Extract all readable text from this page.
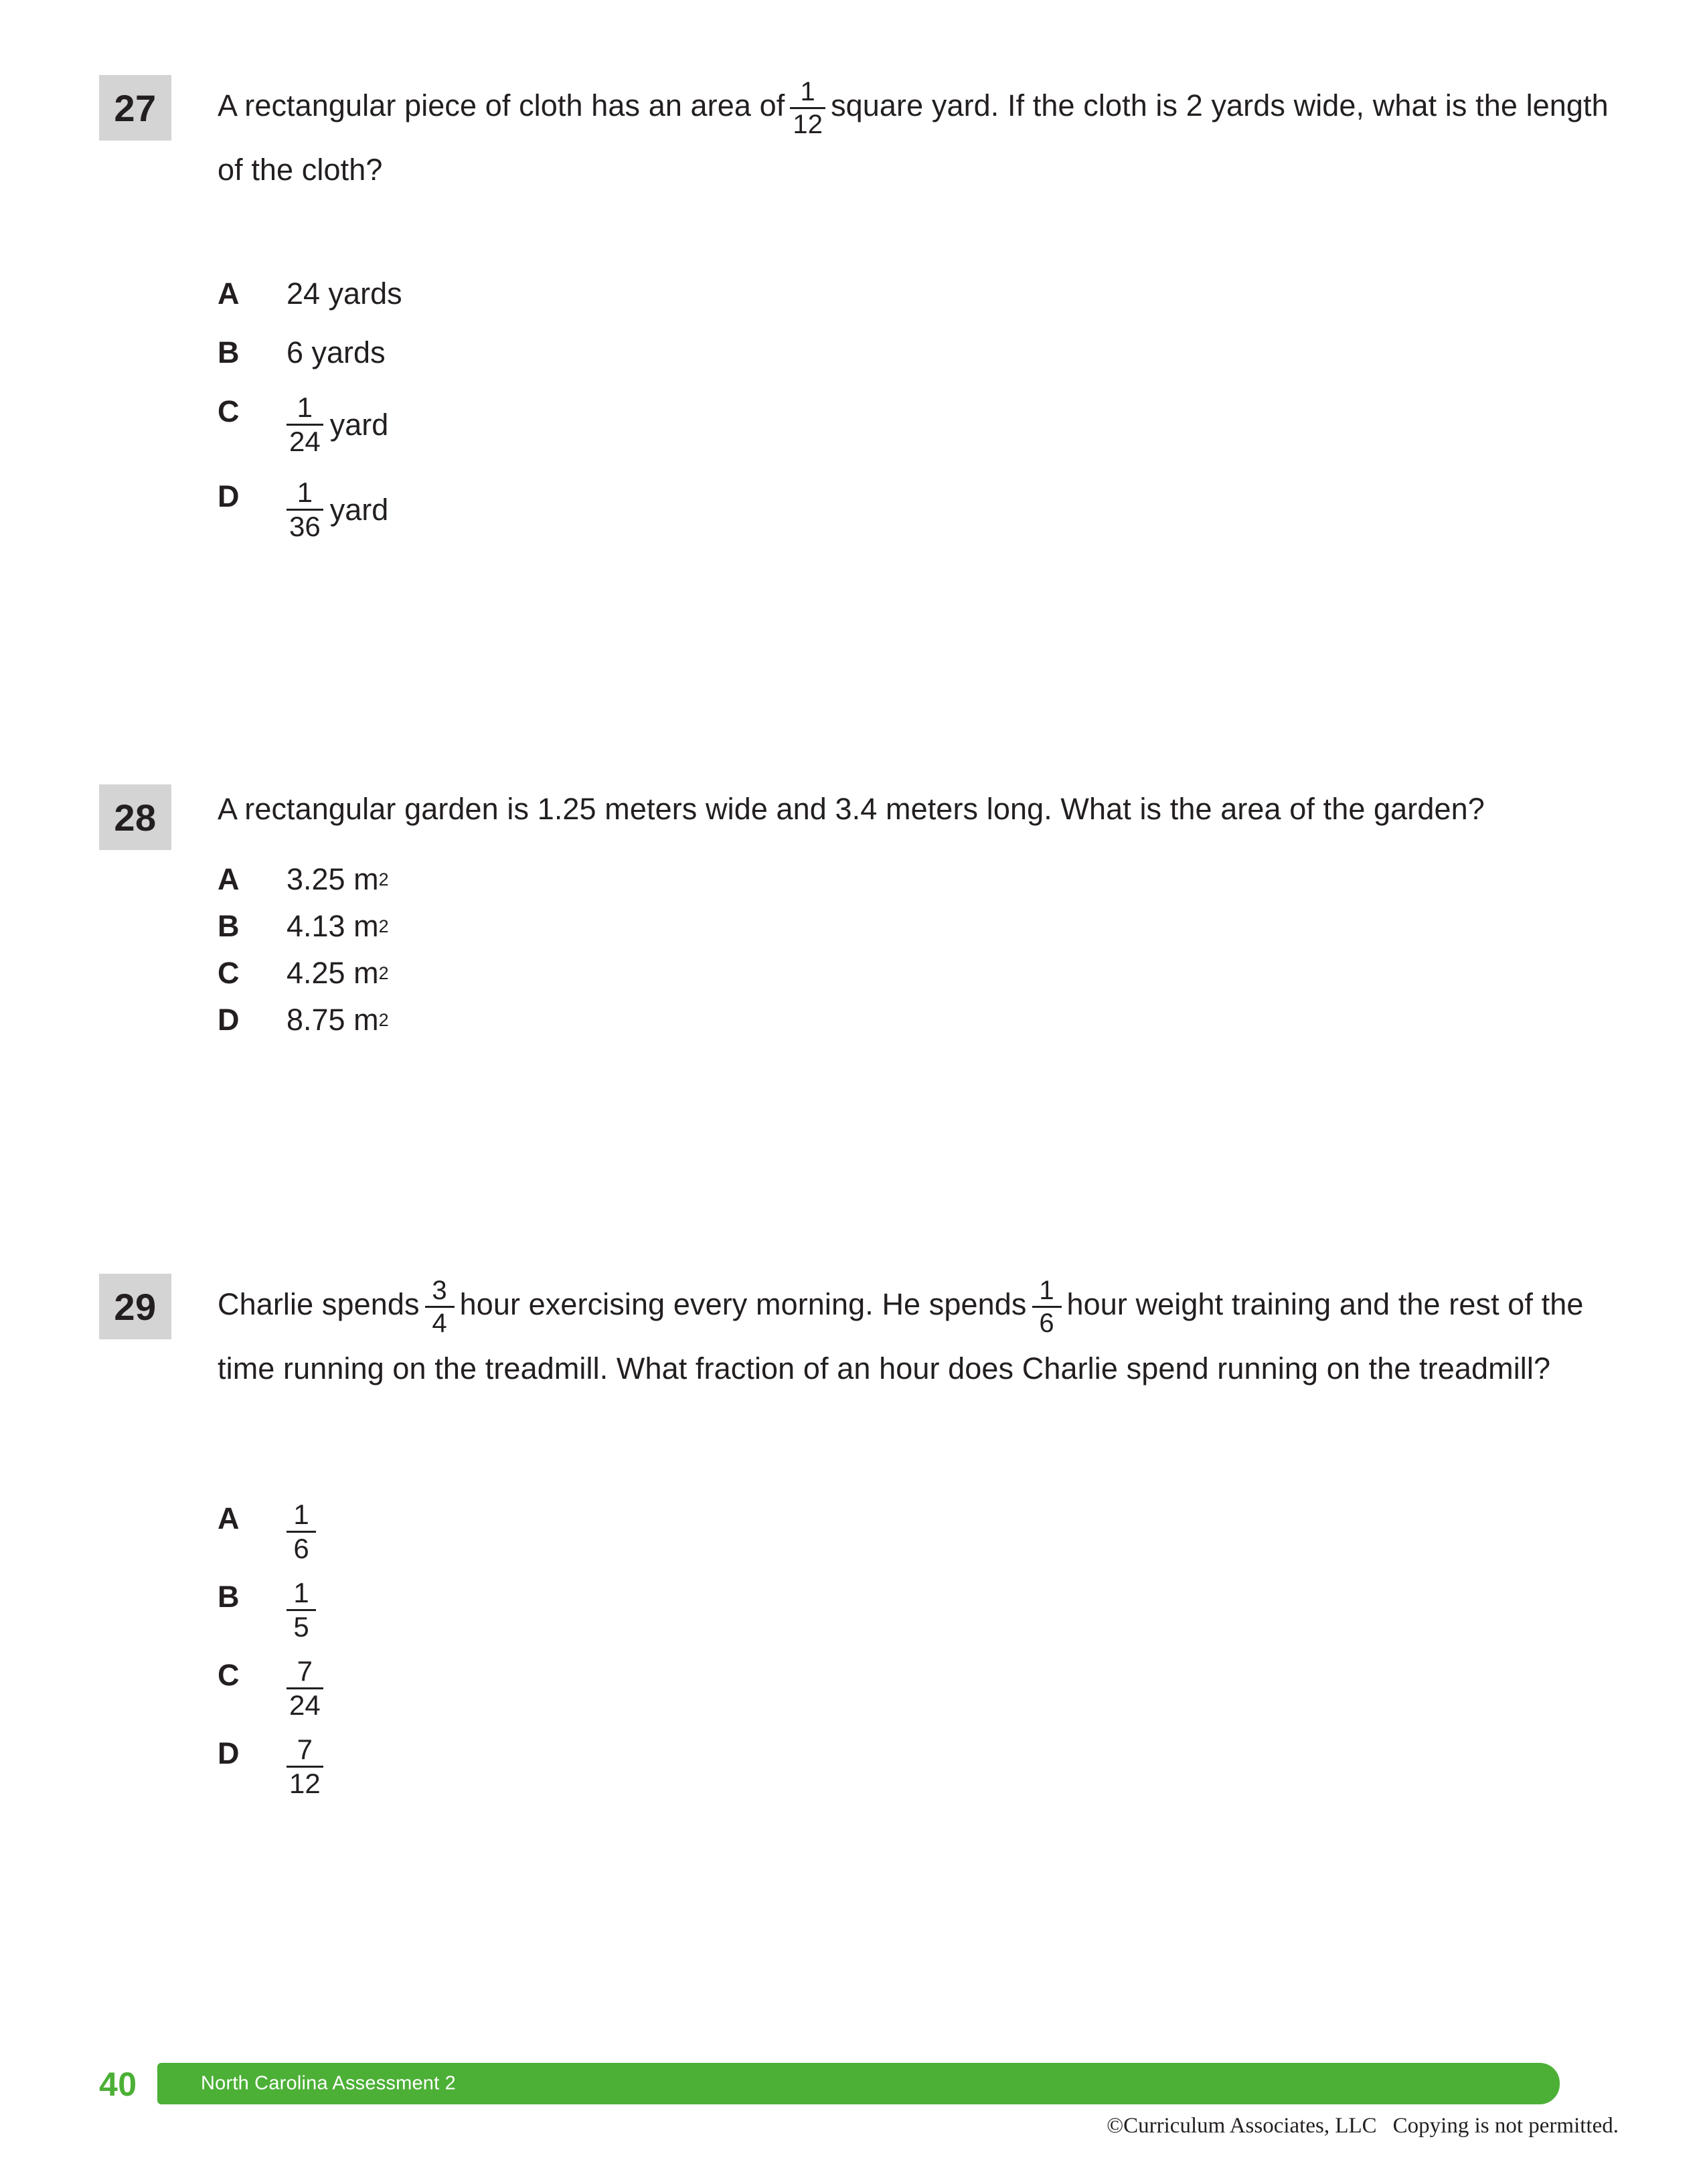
27	A rectangular piece of cloth has an area of $\frac{1}{12}$ square yard. If the cloth is 2 yards wide, what is the length of the cloth?
A	24 yards
B	6 yards
C	$\frac{1}{24}$ yard
D	$\frac{1}{36}$ yard
28	A rectangular garden is 1.25 meters wide and 3.4 meters long. What is the area of the garden?
A	3.25
m 2
B	4.13
m 2
C	4.25
m 2
D	8.75
m 2
29	Charlie spends $\frac{3}{4}$ hour exercising every morning. He spends $\frac{1}{6}$ hour weight training and the rest of the time running on the treadmill. What fraction of an hour does Charlie spend running on the treadmill?
A	$\frac{1}{6}$
B	$\frac{1}{5}$
C	$\frac{7}{24}$
D	$\frac{7}{12}$
40	North Carolina Assessment 2
©Curriculum Associates, LLC Copying is not permitted.
